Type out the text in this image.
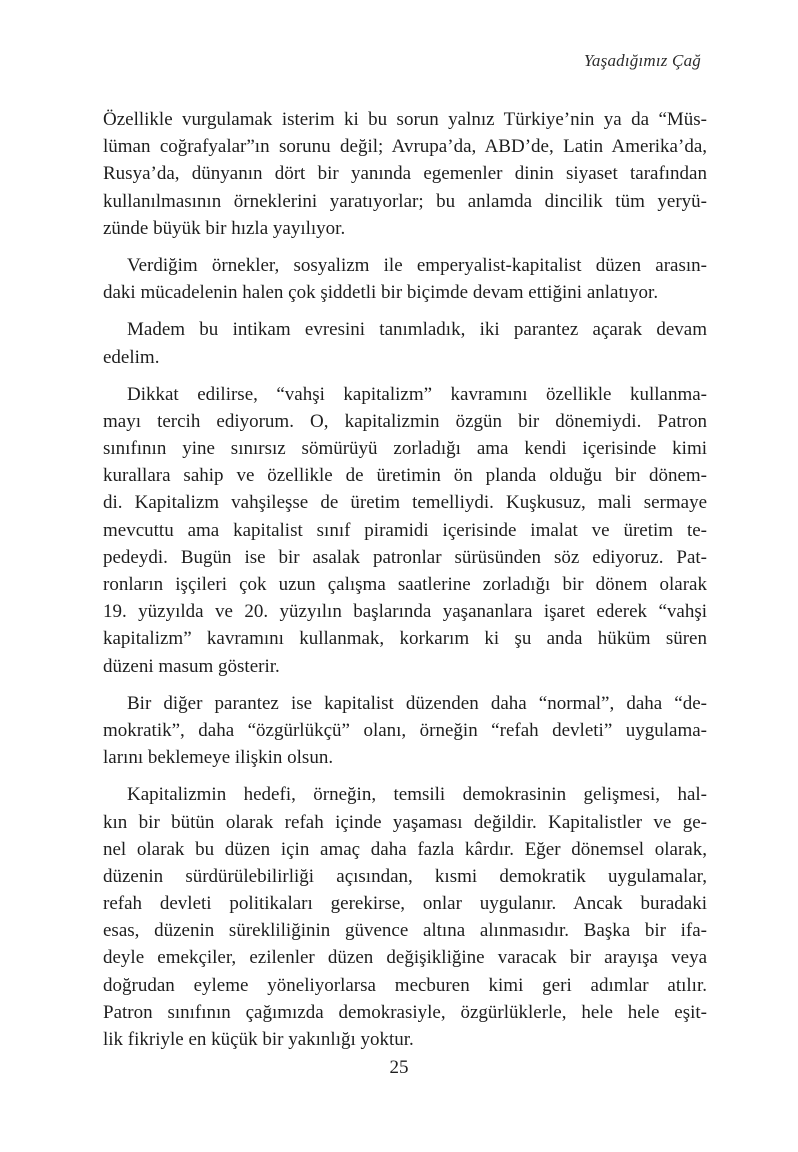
Yaşadığımız Çağ
Özellikle vurgulamak isterim ki bu sorun yalnız Türkiye’nin ya da “Müs-
lüman coğrafyalar”ın sorunu değil; Avrupa’da, ABD’de, Latin Amerika’da,
Rusya’da, dünyanın dört bir yanında egemenler dinin siyaset tarafından
kullanılmasının örneklerini yaratıyorlar; bu anlamda dincilik tüm yeryü-
zünde büyük bir hızla yayılıyor.
Verdiğim örnekler, sosyalizm ile emperyalist-kapitalist düzen arasın-
daki mücadelenin halen çok şiddetli bir biçimde devam ettiğini anlatıyor.
Madem bu intikam evresini tanımladık, iki parantez açarak devam
edelim.
Dikkat edilirse, “vahşi kapitalizm” kavramını özellikle kullanma-
mayı tercih ediyorum. O, kapitalizmin özgün bir dönemiydi. Patron
sınıfının yine sınırsız sömürüyü zorladığı ama kendi içerisinde kimi
kurallara sahip ve özellikle de üretimin ön planda olduğu bir dönem-
di. Kapitalizm vahşileşse de üretim temelliydi. Kuşkusuz, mali sermaye
mevcuttu ama kapitalist sınıf piramidi içerisinde imalat ve üretim te-
pedeydi. Bugün ise bir asalak patronlar sürüsünden söz ediyoruz. Pat-
ronların işçileri çok uzun çalışma saatlerine zorladığı bir dönem olarak
19. yüzyılda ve 20. yüzyılın başlarında yaşananlara işaret ederek “vahşi
kapitalizm” kavramını kullanmak, korkarım ki şu anda hüküm süren
düzeni masum gösterir.
Bir diğer parantez ise kapitalist düzenden daha “normal”, daha “de-
mokratik”, daha “özgürlükçü” olanı, örneğin “refah devleti” uygulama-
larını beklemeye ilişkin olsun.
Kapitalizmin hedefi, örneğin, temsili demokrasinin gelişmesi, hal-
kın bir bütün olarak refah içinde yaşaması değildir. Kapitalistler ve ge-
nel olarak bu düzen için amaç daha fazla kârdır. Eğer dönemsel olarak,
düzenin sürdürülebilirliği açısından, kısmi demokratik uygulamalar,
refah devleti politikaları gerekirse, onlar uygulanır. Ancak buradaki
esas, düzenin sürekliliğinin güvence altına alınmasıdır. Başka bir ifa-
deyle emekçiler, ezilenler düzen değişikliğine varacak bir arayışa veya
doğrudan eyleme yöneliyorlarsa mecburen kimi geri adımlar atılır.
Patron sınıfının çağımızda demokrasiyle, özgürlüklerle, hele hele eşit-
lik fikriyle en küçük bir yakınlığı yoktur.
25
